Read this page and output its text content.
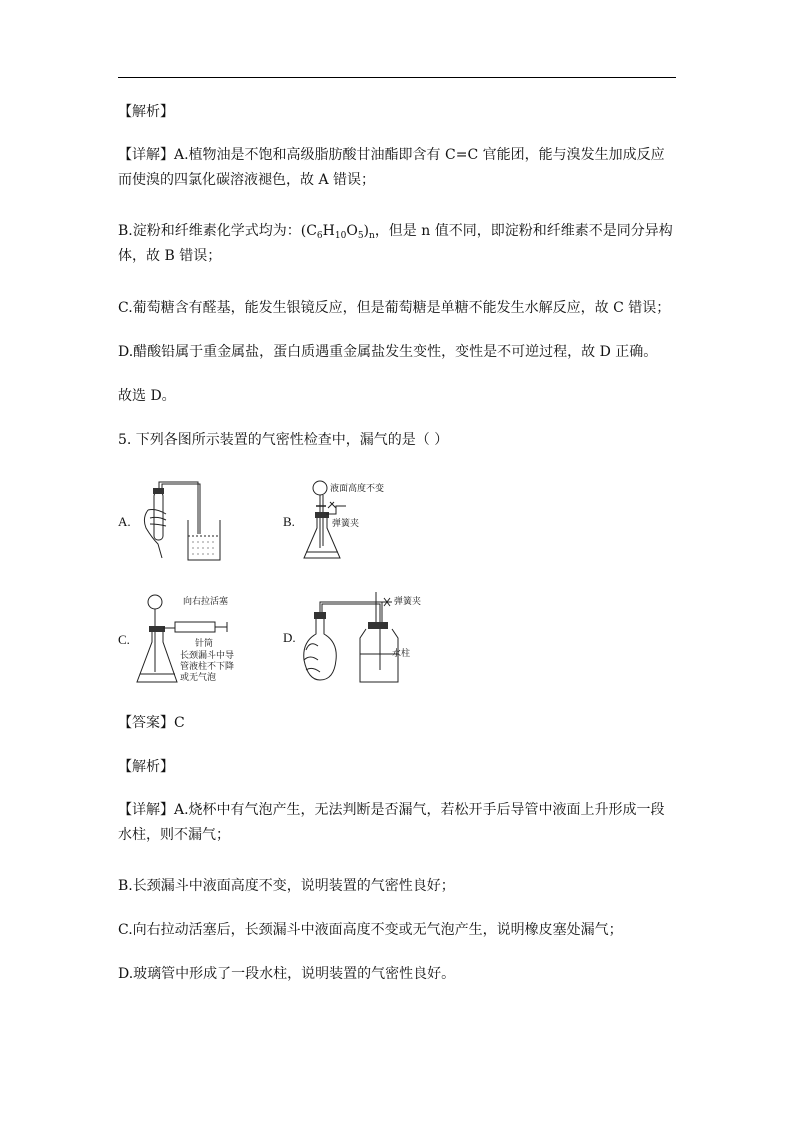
【解析】

【详解】A.植物油是不饱和高级脂肪酸甘油酯即含有 C=C 官能团，能与溴发生加成反应而使溴的四氯化碳溶液褪色，故 A 错误；

B.淀粉和纤维素化学式均为：$(C_6H_{10}O_5)_n$，但是 n 值不同，即淀粉和纤维素不是同分异构体，故 B 错误；

C.葡萄糖含有醛基，能发生银镜反应，但是葡萄糖是单糖不能发生水解反应，故 C 错误；

D.醋酸铅属于重金属盐，蛋白质遇重金属盐发生变性，变性是不可逆过程，故 D 正确。

故选 D。

5. 下列各图所示装置的气密性检查中，漏气的是（ ）

A.	B.
C.	D.
液面高度不变
弹簧夹
向右拉活塞
针筒
长颈漏斗中导
管液柱不下降
或无气泡
弹簧夹
水柱

【答案】C

【解析】

【详解】A.烧杯中有气泡产生，无法判断是否漏气，若松开手后导管中液面上升形成一段水柱，则不漏气；

B.长颈漏斗中液面高度不变，说明装置的气密性良好；

C.向右拉动活塞后，长颈漏斗中液面高度不变或无气泡产生，说明橡皮塞处漏气；

D.玻璃管中形成了一段水柱，说明装置的气密性良好。
